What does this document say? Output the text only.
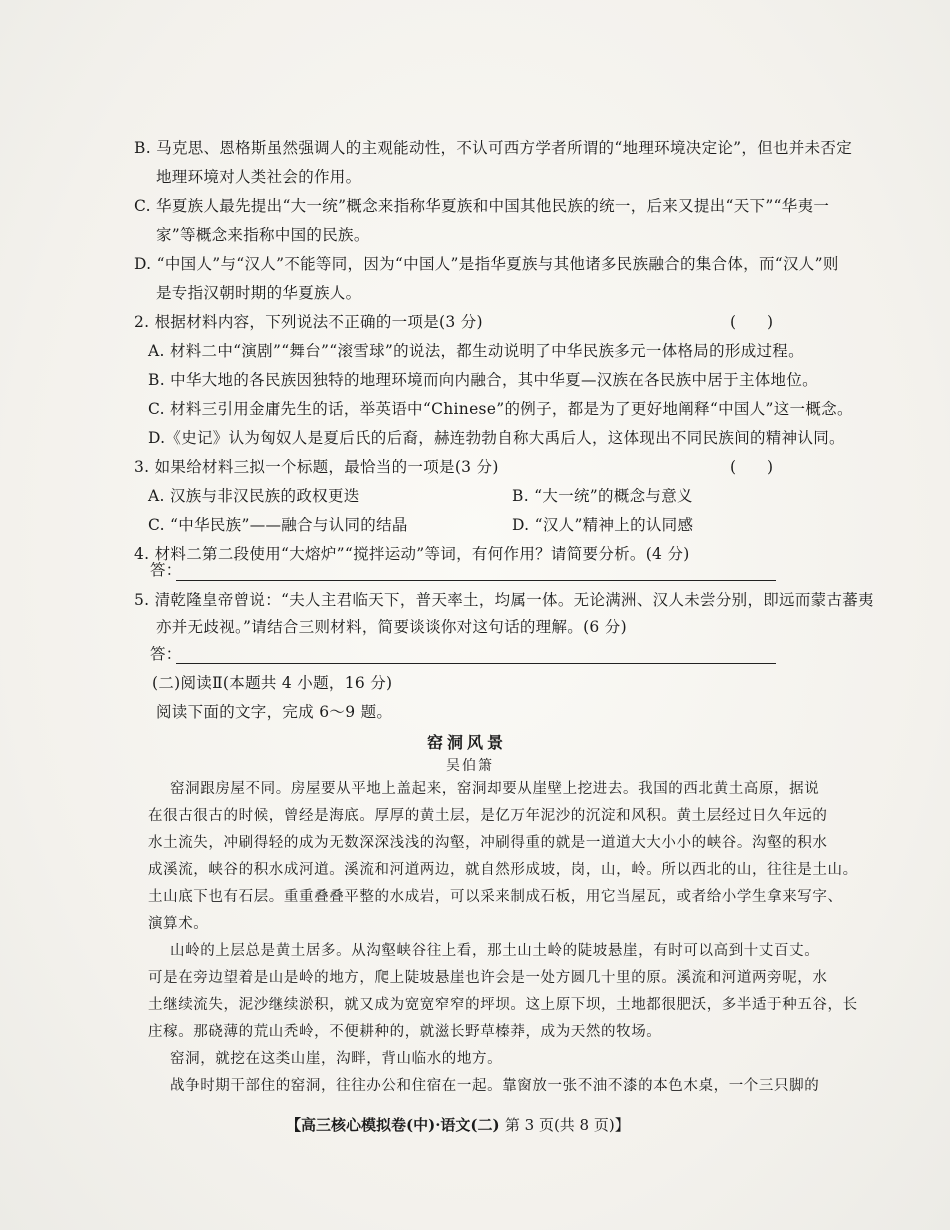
B. 马克思、恩格斯虽然强调人的主观能动性，不认可西方学者所谓的“地理环境决定论”，但也并未否定
地理环境对人类社会的作用。
C. 华夏族人最先提出“大一统”概念来指称华夏族和中国其他民族的统一，后来又提出“天下”“华夷一
家”等概念来指称中国的民族。
D. “中国人”与“汉人”不能等同，因为“中国人”是指华夏族与其他诸多民族融合的集合体，而“汉人”则
是专指汉朝时期的华夏族人。
2. 根据材料内容，下列说法不正确的一项是(3 分)	(　　)
A. 材料二中“演剧”“舞台”“滚雪球”的说法，都生动说明了中华民族多元一体格局的形成过程。
B. 中华大地的各民族因独特的地理环境而向内融合，其中华夏—汉族在各民族中居于主体地位。
C. 材料三引用金庸先生的话，举英语中“Chinese”的例子，都是为了更好地阐释“中国人”这一概念。
D.《史记》认为匈奴人是夏后氏的后裔，赫连勃勃自称大禹后人，这体现出不同民族间的精神认同。
3. 如果给材料三拟一个标题，最恰当的一项是(3 分)	(　　)
A. 汉族与非汉民族的政权更迭	B. “大一统”的概念与意义
C. “中华民族”——融合与认同的结晶	D. “汉人”精神上的认同感
4. 材料二第二段使用“大熔炉”“搅拌运动”等词，有何作用？请简要分析。(4 分)
答：
5. 清乾隆皇帝曾说：“夫人主君临天下，普天率土，均属一体。无论满洲、汉人未尝分别，即远而蒙古蕃夷
亦并无歧视。”请结合三则材料，简要谈谈你对这句话的理解。(6 分)
答：
(二)阅读Ⅱ(本题共 4 小题，16 分)
阅读下面的文字，完成 6～9 题。
窑洞风景
吴伯箫
窑洞跟房屋不同。房屋要从平地上盖起来，窑洞却要从崖壁上挖进去。我国的西北黄土高原，据说
在很古很古的时候，曾经是海底。厚厚的黄土层，是亿万年泥沙的沉淀和风积。黄土层经过日久年远的
水土流失，冲刷得轻的成为无数深深浅浅的沟壑，冲刷得重的就是一道道大大小小的峡谷。沟壑的积水
成溪流，峡谷的积水成河道。溪流和河道两边，就自然形成坡，岗，山，岭。所以西北的山，往往是土山。
土山底下也有石层。重重叠叠平整的水成岩，可以采来制成石板，用它当屋瓦，或者给小学生拿来写字、
演算术。
山岭的上层总是黄土居多。从沟壑峡谷往上看，那土山土岭的陡坡悬崖，有时可以高到十丈百丈。
可是在旁边望着是山是岭的地方，爬上陡坡悬崖也许会是一处方圆几十里的原。溪流和河道两旁呢，水
土继续流失，泥沙继续淤积，就又成为宽宽窄窄的坪坝。这上原下坝，土地都很肥沃，多半适于种五谷，长
庄稼。那硗薄的荒山秃岭，不便耕种的，就滋长野草榛莽，成为天然的牧场。
窑洞，就挖在这类山崖，沟畔，背山临水的地方。
战争时期干部住的窑洞，往往办公和住宿在一起。靠窗放一张不油不漆的本色木桌，一个三只脚的
【高三核心模拟卷(中)·语文(二) 第 3 页(共 8 页)】
